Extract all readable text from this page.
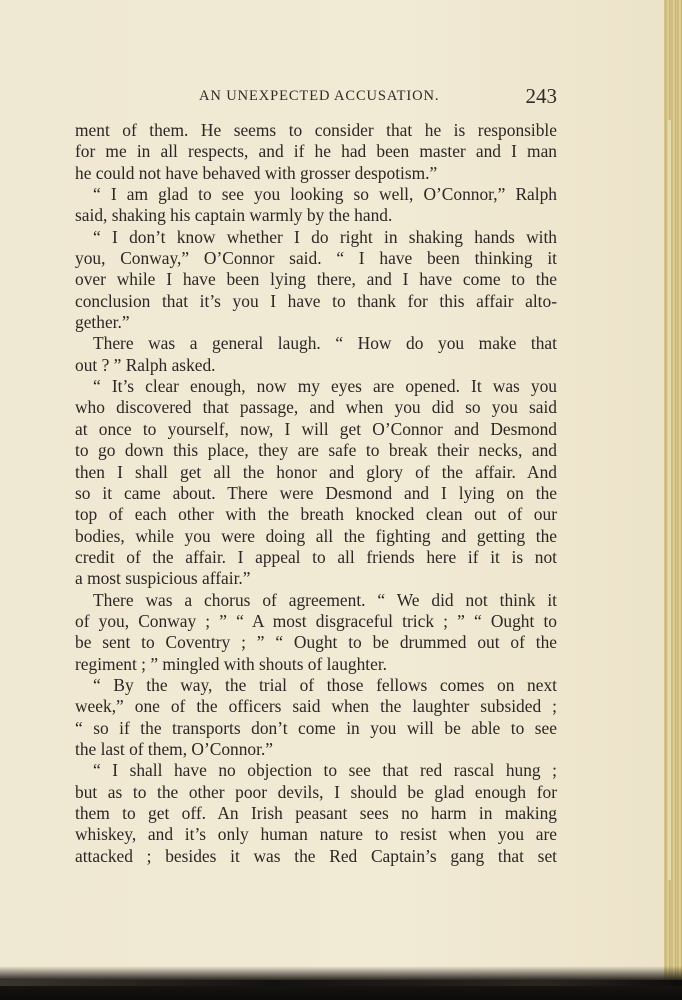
AN UNEXPECTED ACCUSATION.	243
ment of them. He seems to consider that he is responsible
for me in all respects, and if he had been master and I man
he could not have behaved with grosser despotism.”
“ I am glad to see you looking so well, O’Connor,” Ralph
said, shaking his captain warmly by the hand.
“ I don’t know whether I do right in shaking hands with
you, Conway,” O’Connor said. “ I have been thinking it
over while I have been lying there, and I have come to the
conclusion that it’s you I have to thank for this affair alto-
gether.”
There was a general laugh. “ How do you make that
out ? ” Ralph asked.
“ It’s clear enough, now my eyes are opened. It was you
who discovered that passage, and when you did so you said
at once to yourself, now, I will get O’Connor and Desmond
to go down this place, they are safe to break their necks, and
then I shall get all the honor and glory of the affair. And
so it came about. There were Desmond and I lying on the
top of each other with the breath knocked clean out of our
bodies, while you were doing all the fighting and getting the
credit of the affair. I appeal to all friends here if it is not
a most suspicious affair.”
There was a chorus of agreement. “ We did not think it
of you, Conway ; ” “ A most disgraceful trick ; ” “ Ought to
be sent to Coventry ; ” “ Ought to be drummed out of the
regiment ; ” mingled with shouts of laughter.
“ By the way, the trial of those fellows comes on next
week,” one of the officers said when the laughter subsided ;
“ so if the transports don’t come in you will be able to see
the last of them, O’Connor.”
“ I shall have no objection to see that red rascal hung ;
but as to the other poor devils, I should be glad enough for
them to get off. An Irish peasant sees no harm in making
whiskey, and it’s only human nature to resist when you are
attacked ; besides it was the Red Captain’s gang that set
